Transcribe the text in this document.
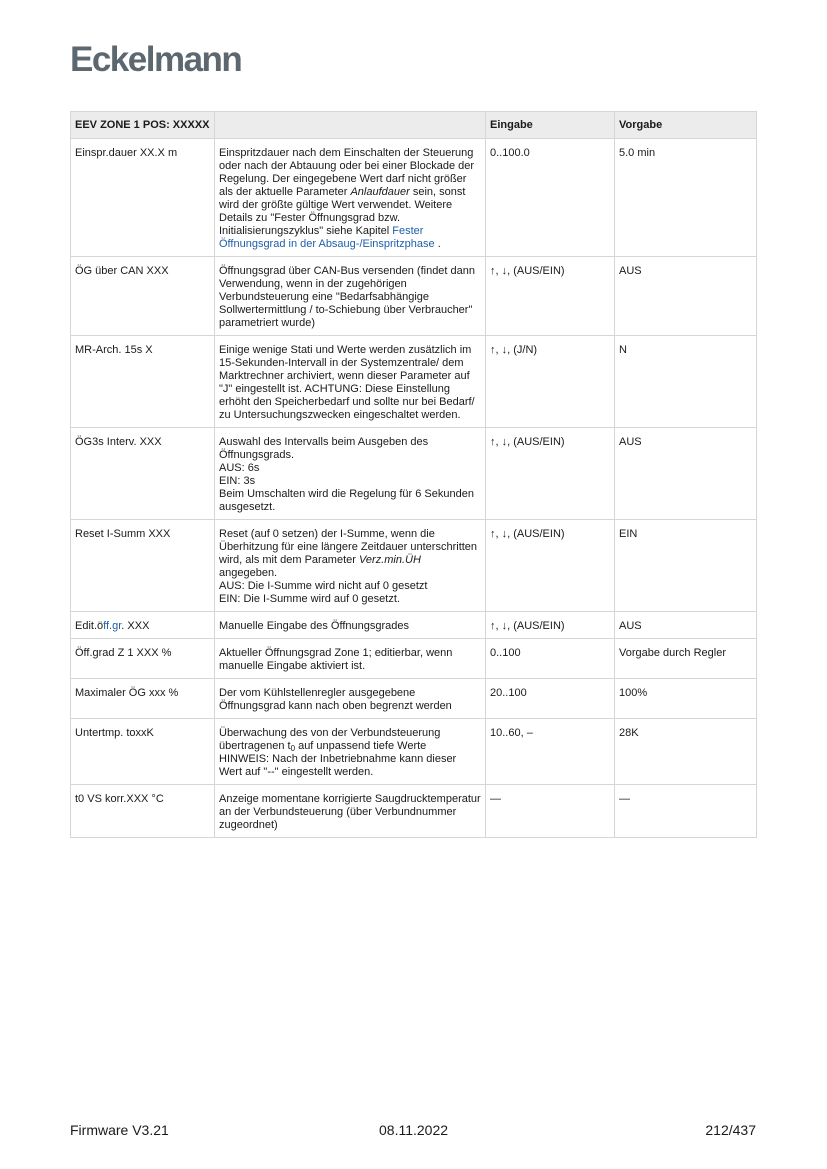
Eckelmann
EEV ZONE 1 POS: XXXXX		Eingabe	Vorgabe
Einspr.dauer XX.X m	Einspritzdauer nach dem Einschalten der Steuerung oder nach der Abtauung oder bei einer Blockade der Regelung. Der eingegebene Wert darf nicht größer als der aktuelle Parameter Anlaufdauer sein, sonst wird der größte gültige Wert verwendet. Weitere Details zu "Fester Öffnungsgrad bzw. Initialisierungszyklus" siehe Kapitel Fester Öffnungsgrad in der Absaug-/Einspritzphase .	0..100.0	5.0 min
ÖG über CAN XXX	Öffnungsgrad über CAN-Bus versenden (findet dann Verwendung, wenn in der zugehörigen Verbundsteuerung eine "Bedarfsabhängige Sollwertermittlung / to-Schiebung über Verbraucher" parametriert wurde)	↑, ↓, (AUS/EIN)	AUS
MR-Arch. 15s X	Einige wenige Stati und Werte werden zusätzlich im 15-Sekunden-Intervall in der Systemzentrale/ dem Marktrechner archiviert, wenn dieser Parameter auf "J" eingestellt ist. ACHTUNG: Diese Einstellung erhöht den Speicherbedarf und sollte nur bei Bedarf/ zu Untersuchungszwecken eingeschaltet werden.	↑, ↓, (J/N)	N
ÖG3s Interv. XXX	Auswahl des Intervalls beim Ausgeben des Öffnungsgrads.
AUS: 6s
EIN: 3s
Beim Umschalten wird die Regelung für 6 Sekunden ausgesetzt.	↑, ↓, (AUS/EIN)	AUS
Reset I-Summ XXX	Reset (auf 0 setzen) der I-Summe, wenn die Überhitzung für eine längere Zeitdauer unterschritten wird, als mit dem Parameter Verz.min.ÜH angegeben.
AUS: Die I-Summe wird nicht auf 0 gesetzt
EIN: Die I-Summe wird auf 0 gesetzt.	↑, ↓, (AUS/EIN)	EIN
Edit.öff.gr. XXX	Manuelle Eingabe des Öffnungsgrades	↑, ↓, (AUS/EIN)	AUS
Öff.grad Z 1 XXX %	Aktueller Öffnungsgrad Zone 1; editierbar, wenn manuelle Eingabe aktiviert ist.	0..100	Vorgabe durch Regler
Maximaler ÖG xxx %	Der vom Kühlstellenregler ausgegebene Öffnungsgrad kann nach oben begrenzt werden	20..100	100%
Untertmp. toxxK	Überwachung des von der Verbundsteuerung übertragenen $t_0$ auf unpassend tiefe Werte
HINWEIS: Nach der Inbetriebnahme kann dieser Wert auf "--" eingestellt werden.	10..60, –	28K
t0 VS korr.XXX °C	Anzeige momentane korrigierte Saugdrucktemperatur an der Verbundsteuerung (über Verbundnummer zugeordnet)	—	—
Firmware V3.21	08.11.2022	212/437
